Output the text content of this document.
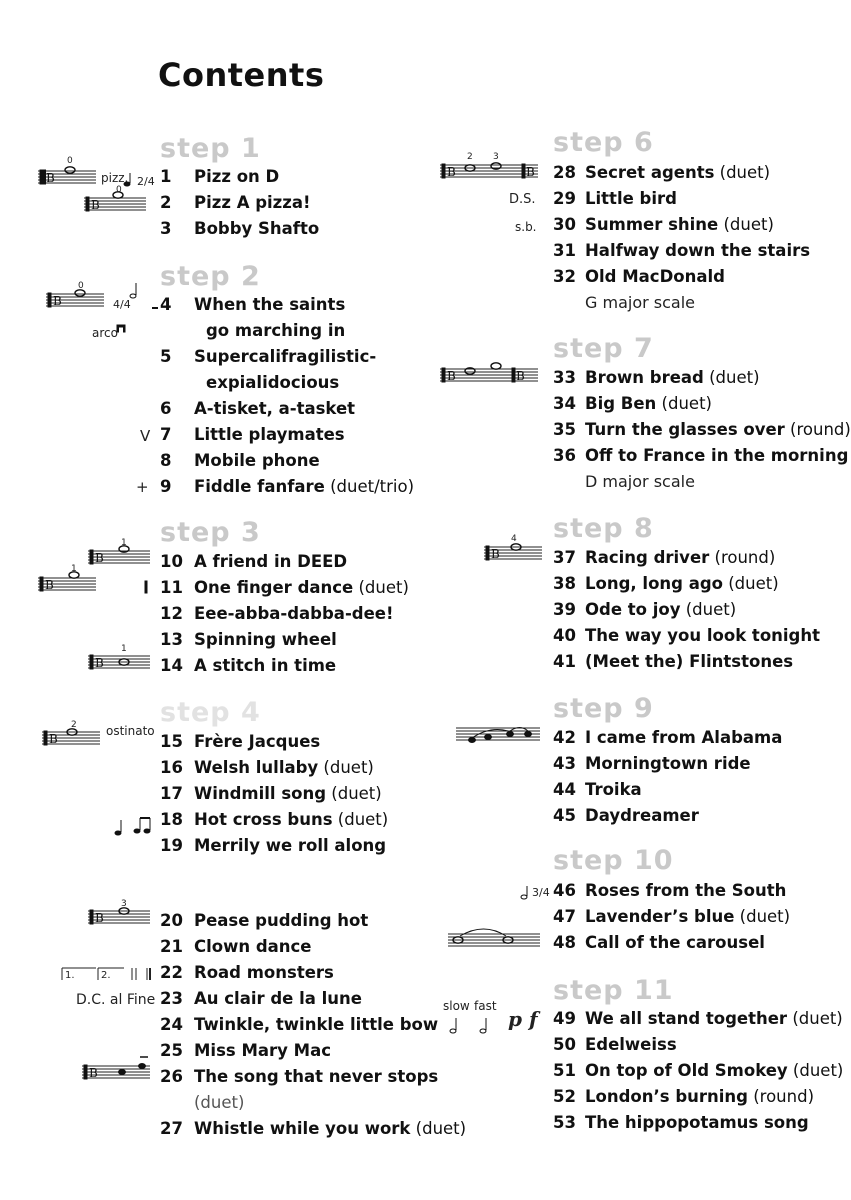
Contents
step 1
1 Pizz on D
2 Pizz A pizza!
3 Bobby Shafto
step 2
4 When the saints
go marching in
5 Supercalifragilistic-
expialidocious
6 A-tisket, a-tasket
7 Little playmates
8 Mobile phone
9 Fiddle fanfare (duet/trio)
step 3
10 A friend in DEED
11 One finger dance (duet)
12 Eee-abba-dabba-dee!
13 Spinning wheel
14 A stitch in time
step 4
15 Frère Jacques
16 Welsh lullaby (duet)
17 Windmill song (duet)
18 Hot cross buns (duet)
19 Merrily we roll along
20 Pease pudding hot
21 Clown dance
22 Road monsters
23 Au clair de la lune
24 Twinkle, twinkle little bow
25 Miss Mary Mac
26 The song that never stops
(duet)
27 Whistle while you work (duet)
step 6
28 Secret agents (duet)
29 Little bird
30 Summer shine (duet)
31 Halfway down the stairs
32 Old MacDonald
G major scale
step 7
33 Brown bread (duet)
34 Big Ben (duet)
35 Turn the glasses over (round)
36 Off to France in the morning
D major scale
step 8
37 Racing driver (round)
38 Long, long ago (duet)
39 Ode to joy (duet)
40 The way you look tonight
41 (Meet the) Flintstones
step 9
42 I came from Alabama
43 Morningtown ride
44 Troika
45 Daydreamer
step 10
46 Roses from the South
47 Lavender’s blue (duet)
48 Call of the carousel
step 11
49 We all stand together (duet)
50 Edelweiss
51 On top of Old Smokey (duet)
52 London’s burning (round)
53 The hippopotamus song
B
B
B
B
B
B
B
B
B
B	B
B	B
B
pizz. 2/4
0
0
0
4/4
arco
V
+
1
1
1
2 ostinato
3
1.	2.
D.C. al Fine
2 3
D.S.
s.b.
4
3/4
slow fast
p f
